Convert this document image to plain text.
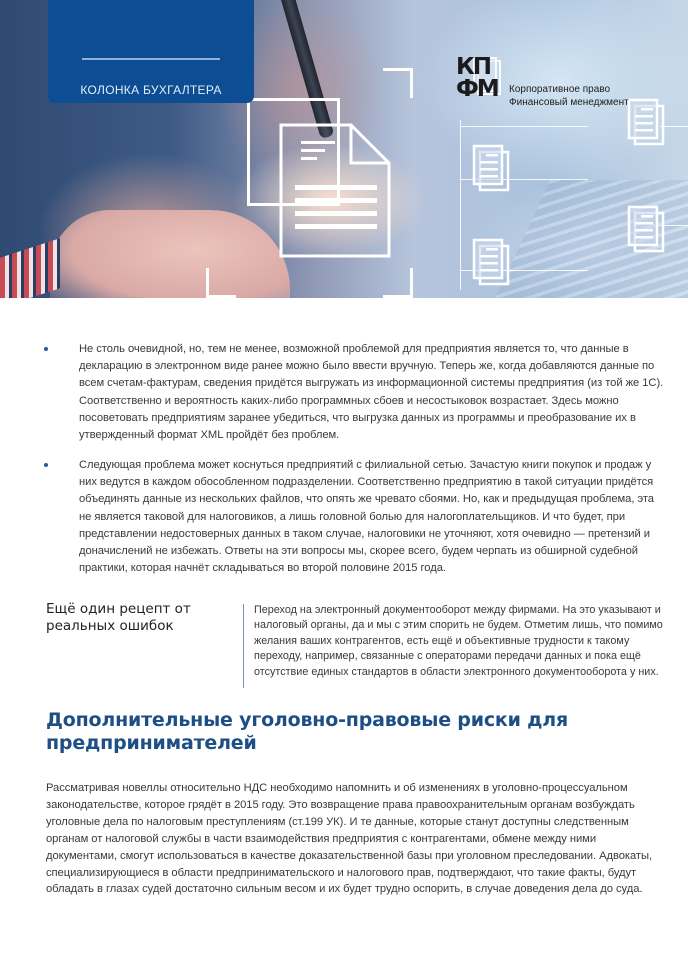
КОЛОНКА БУХГАЛТЕРА
КП
ФМ Корпоративное право
Финансовый менеджмент

Не столь очевидной, но, тем не менее, возможной проблемой для предприятия является то, что данные в декларацию в электронном виде ранее можно было ввести вручную. Теперь же, когда добавляются данные по всем счетам-фактурам, сведения придётся выгружать из информационной системы предприятия (из той же 1С). Соответственно и вероятность каких-либо программных сбоев и несостыковок возрастает. Здесь можно посоветовать предприятиям заранее убедиться, что выгрузка данных из программы и преобразование их в утвержденный формат XML пройдёт без проблем.

Следующая проблема может коснуться предприятий с филиальной сетью. Зачастую книги покупок и продаж у них ведутся в каждом обособленном подразделении. Соответственно предприятию в такой ситуации придётся объединять данные из нескольких файлов, что опять же чревато сбоями. Но, как и предыдущая проблема, эта не является таковой для налоговиков, а лишь головной болью для налогоплательщиков. И что будет, при представлении недостоверных данных в таком случае, налоговики не уточняют, хотя очевидно — претензий и доначислений не избежать. Ответы на эти вопросы мы, скорее всего, будем черпать из обширной судебной практики, которая начнёт складываться во второй половине 2015 года.

Ещё один рецепт от реальных ошибок

Переход на электронный документооборот между фирмами. На это указывают и налоговый органы, да и мы с этим спорить не будем. Отметим лишь, что помимо желания ваших контрагентов, есть ещё и объективные трудности к такому переходу, например, связанные с операторами передачи данных и пока ещё отсутствие единых стандартов в области электронного документооборота у них.

Дополнительные уголовно-правовые риски для предпринимателей

Рассматривая новеллы относительно НДС необходимо напомнить и об изменениях в уголовно-процессуальном законодательстве, которое грядёт в 2015 году. Это возвращение права правоохранительным органам возбуждать уголовные дела по налоговым преступлениям (ст.199 УК). И те данные, которые станут доступны следственным органам от налоговой службы в части взаимодействия предприятия с контрагентами, обмене между ними документами, смогут использоваться в качестве доказательственной базы при уголовном преследовании. Адвокаты, специализирующиеся в области предпринимательского и налогового прав, подтверждают, что такие факты, будут обладать в глазах судей достаточно сильным весом и их будет трудно оспорить, в случае доведения дела до суда.
